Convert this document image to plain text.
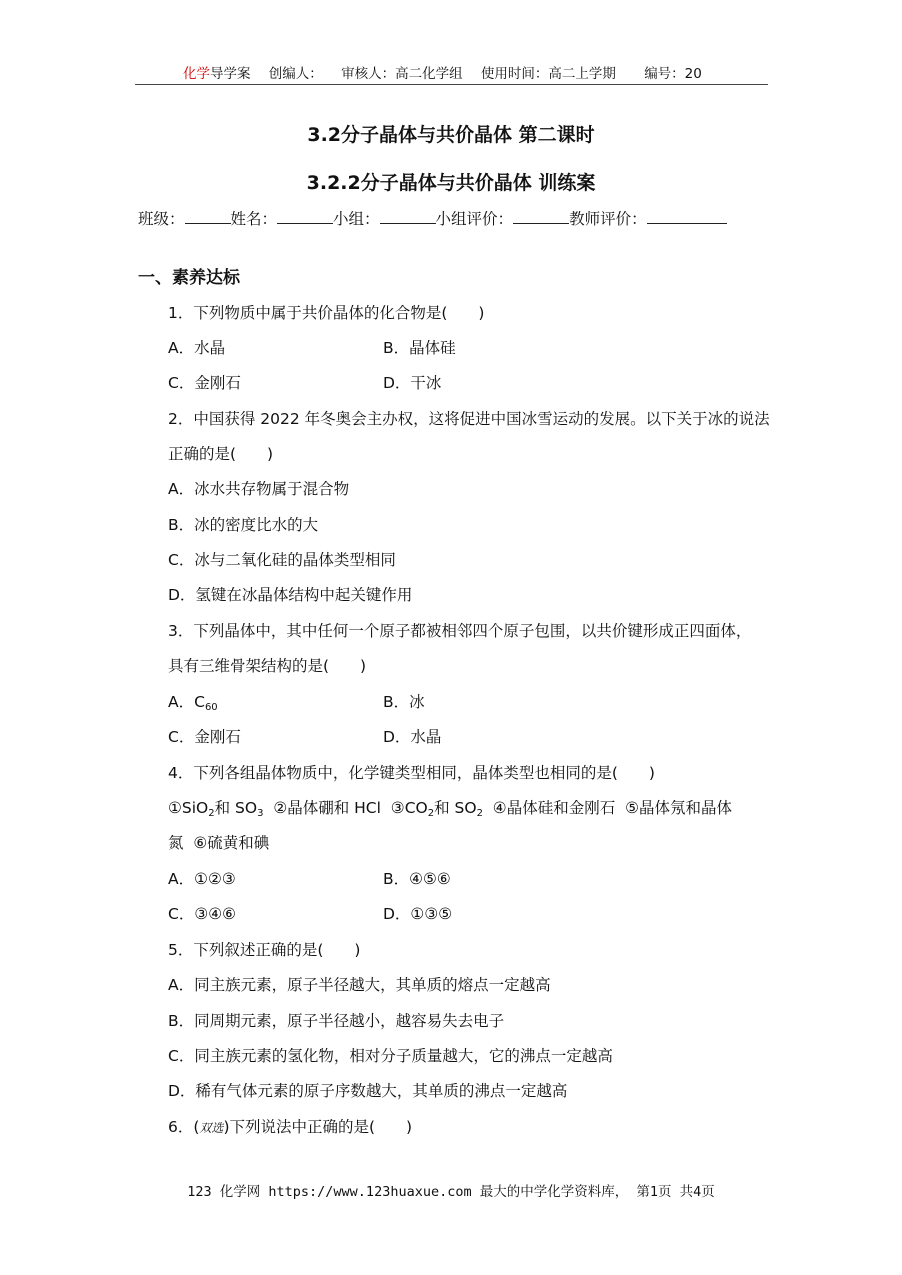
化学导学案 创编人： 审核人：高二化学组 使用时间：高二上学期 编号：20
3.2分子晶体与共价晶体 第二课时
3.2.2分子晶体与共价晶体 训练案
班级：	姓名：	小组：	小组评价：	教师评价：
一、素养达标
1．下列物质中属于共价晶体的化合物是(　　)
A．水晶	B．晶体硅
C．金刚石	D．干冰
2．中国获得 2022 年冬奥会主办权，这将促进中国冰雪运动的发展。以下关于冰的说法
正确的是(　　)
A．冰水共存物属于混合物
B．冰的密度比水的大
C．冰与二氧化硅的晶体类型相同
D．氢键在冰晶体结构中起关键作用
3．下列晶体中，其中任何一个原子都被相邻四个原子包围，以共价键形成正四面体，
具有三维骨架结构的是(　　)
A．$C_{60}$	B．冰
C．金刚石	D．水晶
4．下列各组晶体物质中，化学键类型相同，晶体类型也相同的是(　　)
①SiO$_2$和 $SO_3$ ②晶体硼和 HCl $③CO_2$和 $SO_2$ ④晶体硅和金刚石 ⑤晶体氖和晶体
氮 ⑥硫黄和碘
A．①②③	B．④⑤⑥
C．③④⑥	D．①③⑤
5．下列叙述正确的是(　　)
A．同主族元素，原子半径越大，其单质的熔点一定越高
B．同周期元素，原子半径越小，越容易失去电子
C．同主族元素的氢化物，相对分子质量越大，它的沸点一定越高
D．稀有气体元素的原子序数越大，其单质的沸点一定越高
6．(双选)下列说法中正确的是(　　)
123 化学网 https://www.123huaxue.com 最大的中学化学资料库， 第1页 共4页
